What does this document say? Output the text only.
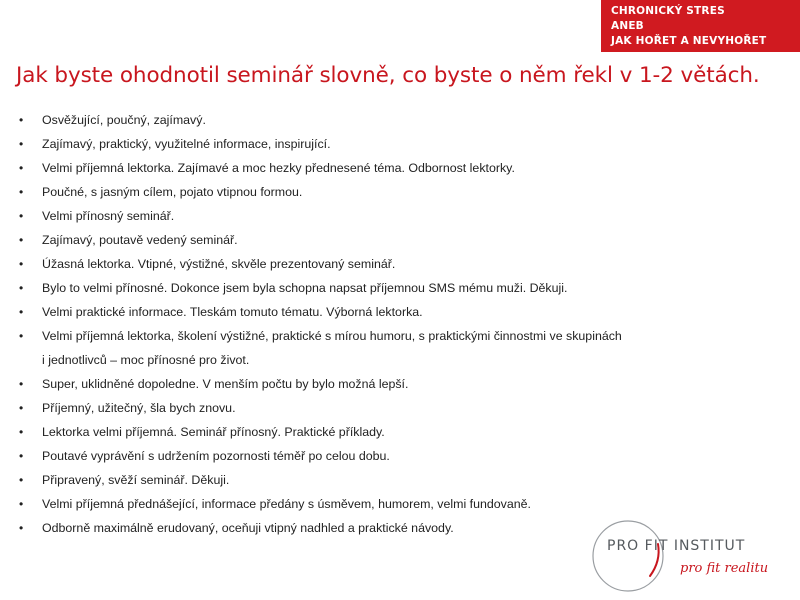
CHRONICKÝ STRES
ANEB
JAK HOŘET A NEVYHOŘET
Jak byste ohodnotil seminář slovně, co byste o něm řekl v 1-2 větách.
• Osvěžující, poučný, zajímavý.
• Zajímavý, praktický, využitelné informace, inspirující.
• Velmi příjemná lektorka. Zajímavé a moc hezky přednesené téma. Odbornost lektorky.
• Poučné, s jasným cílem, pojato vtipnou formou.
• Velmi přínosný seminář.
• Zajímavý, poutavě vedený seminář.
• Úžasná lektorka. Vtipné, výstižné, skvěle prezentovaný seminář.
• Bylo to velmi přínosné. Dokonce jsem byla schopna napsat příjemnou SMS mému muži. Děkuji.
• Velmi praktické informace. Tleskám tomuto tématu. Výborná lektorka.
• Velmi příjemná lektorka, školení výstižné, praktické s mírou humoru, s praktickými činnostmi ve skupinách
i jednotlivců – moc přínosné pro život.
• Super, uklidněné dopoledne. V menším počtu by bylo možná lepší.
• Příjemný, užitečný, šla bych znovu.
• Lektorka velmi příjemná. Seminář přínosný. Praktické příklady.
• Poutavé vyprávění s udržením pozornosti téměř po celou dobu.
• Připravený, svěží seminář. Děkuji.
• Velmi příjemná přednášející, informace předány s úsměvem, humorem, velmi fundovaně.
• Odborně maximálně erudovaný, oceňuji vtipný nadhled a praktické návody.
PRO FIT INSTITUT
pro fit realitu
